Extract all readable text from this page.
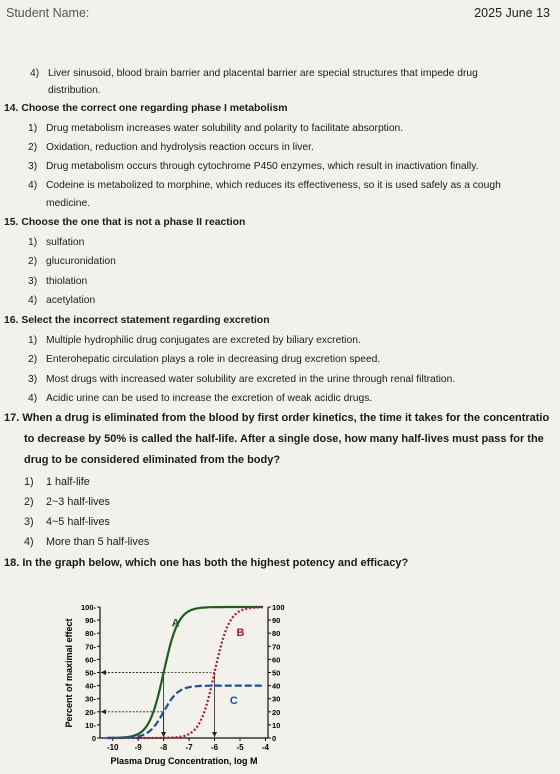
Student Name:	2025 June 13
4) Liver sinusoid, blood brain barrier and placental barrier are special structures that impede drug
distribution.
14. Choose the correct one regarding phase I metabolism
1) Drug metabolism increases water solubility and polarity to facilitate absorption.
2) Oxidation, reduction and hydrolysis reaction occurs in liver.
3) Drug metabolism occurs through cytochrome P450 enzymes, which result in inactivation finally.
4) Codeine is metabolized to morphine, which reduces its effectiveness, so it is used safely as a cough
medicine.
15. Choose the one that is not a phase II reaction
1) sulfation
2) glucuronidation
3) thiolation
4) acetylation
16. Select the incorrect statement regarding excretion
1) Multiple hydrophilic drug conjugates are excreted by biliary excretion.
2) Enterohepatic circulation plays a role in decreasing drug excretion speed.
3) Most drugs with increased water solubility are excreted in the urine through renal filtration.
4) Acidic urine can be used to increase the excretion of weak acidic drugs.
17. When a drug is eliminated from the blood by first order kinetics, the time it takes for the concentratio
to decrease by 50% is called the half-life. After a single dose, how many half-lives must pass for the
drug to be considered eliminated from the body?
1) 1 half-life
2) 2~3 half-lives
3) 4~5 half-lives
4) More than 5 half-lives
18. In the graph below, which one has both the highest potency and efficacy?
Percent of maximal effect
Plasma Drug Concentration, log M
0	0
10-	10
20-	20
30-	30
40-	40
50-	50
60-	60
70-	70
80-	80
90-	90
100-	100
-10 -9 -8 -7 -6 -5 -4
A
B
C
